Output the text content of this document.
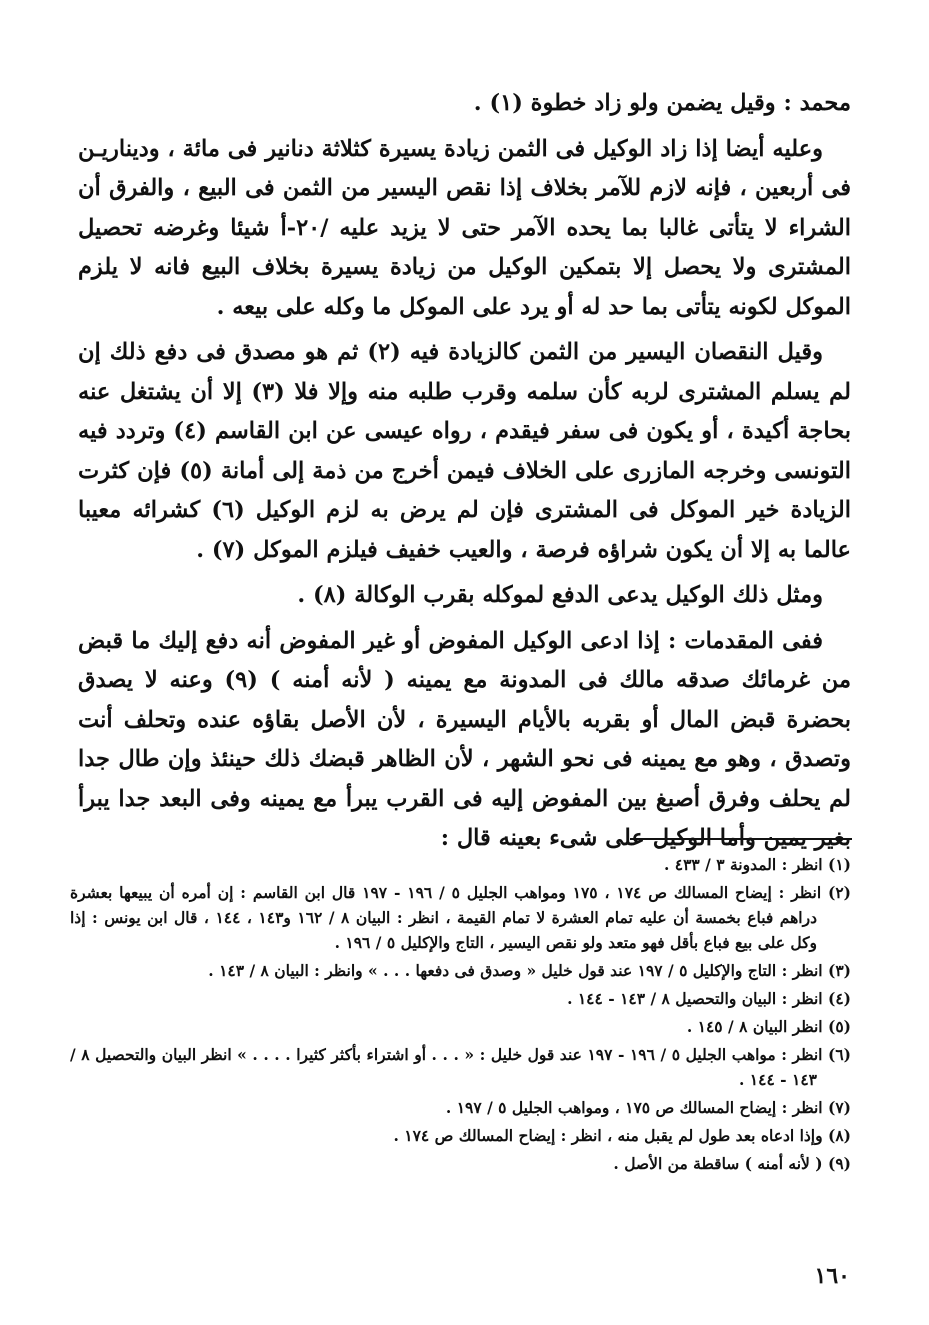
محمد : وقيل يضمن ولو زاد خطوة (١) .

وعليه أيضا إذا زاد الوكيل فى الثمن زيادة يسيرة كثلاثة دنانير فى مائة ، وديناريـن فى أربعين ، فإنه لازم للآمر بخلاف إذا نقص اليسير من الثمن فى البيع ، والفرق أن الشراء لا يتأتى غالبا بما يحده الآمر حتى لا يزيد عليه /٢٠-أ شيئا وغرضه تحصيل المشترى ولا يحصل إلا بتمكين الوكيل من زيادة يسيرة بخلاف البيع فانه لا يلزم الموكل لكونه يتأتى بما حد له أو يرد على الموكل ما وكله على بيعه .

وقيل النقصان اليسير من الثمن كالزيادة فيه (٢) ثم هو مصدق فى دفع ذلك إن لم يسلم المشترى لربه كأن سلمه وقرب طلبه منه وإلا فلا (٣) إلا أن يشتغل عنه بحاجة أكيدة ، أو يكون فى سفر فيقدم ، رواه عيسى عن ابن القاسم (٤) وتردد فيه التونسى وخرجه المازرى على الخلاف فيمن أخرج من ذمة إلى أمانة (٥) فإن كثرت الزيادة خير الموكل فى المشترى فإن لم يرض به لزم الوكيل (٦) كشرائه معيبا عالما به إلا أن يكون شراؤه فرصة ، والعيب خفيف فيلزم الموكل (٧) .

ومثل ذلك الوكيل يدعى الدفع لموكله بقرب الوكالة (٨) .

ففى المقدمات : إذا ادعى الوكيل المفوض أو غير المفوض أنه دفع إليك ما قبض من غرمائك صدقه مالك فى المدونة مع يمينه ( لأنه أمنه ) (٩) وعنه لا يصدق بحضرة قبض المال أو بقربه بالأيام اليسيرة ، لأن الأصل بقاؤه عنده وتحلف أنت وتصدق ، وهو مع يمينه فى نحو الشهر ، لأن الظاهر قبضك ذلك حينئذ وإن طال جدا لم يحلف وفرق أصبغ بين المفوض إليه فى القرب يبرأ مع يمينه وفى البعد جدا يبرأ بغير يمين وأما الوكيل على شىء بعينه قال :

(١) انظر : المدونة ٣ / ٤٣٣ .

(٢) انظر : إيضاح المسالك ص ١٧٤ ، ١٧٥ ومواهب الجليل ٥ / ١٩٦ - ١٩٧ قال ابن القاسم : إن أمره أن يبيعها بعشرة دراهم فباع بخمسة أن عليه تمام العشرة لا تمام القيمة ، انظر : البيان ٨ / ١٦٢ و١٤٣ ، ١٤٤ ، قال ابن يونس : إذا وكل على بيع فباع بأقل فهو متعد ولو نقص اليسير ، التاج والإكليل ٥ / ١٩٦ .

(٣) انظر : التاج والإكليل ٥ / ١٩٧ عند قول خليل « وصدق فى دفعها . . . » وانظر : البيان ٨ / ١٤٣ .

(٤) انظر : البيان والتحصيل ٨ / ١٤٣ - ١٤٤ .

(٥) انظر البيان ٨ / ١٤٥ .

(٦) انظر : مواهب الجليل ٥ / ١٩٦ - ١٩٧ عند قول خليل : « . . . أو اشتراء بأكثر كثيرا . . . . » انظر البيان والتحصيل ٨ / ١٤٣ - ١٤٤ .

(٧) انظر : إيضاح المسالك ص ١٧٥ ، ومواهب الجليل ٥ / ١٩٧ .

(٨) وإذا ادعاه بعد طول لم يقبل منه ، انظر : إيضاح المسالك ص ١٧٤ .

(٩) ( لأنه أمنه ) ساقطة من الأصل .

١٦٠
